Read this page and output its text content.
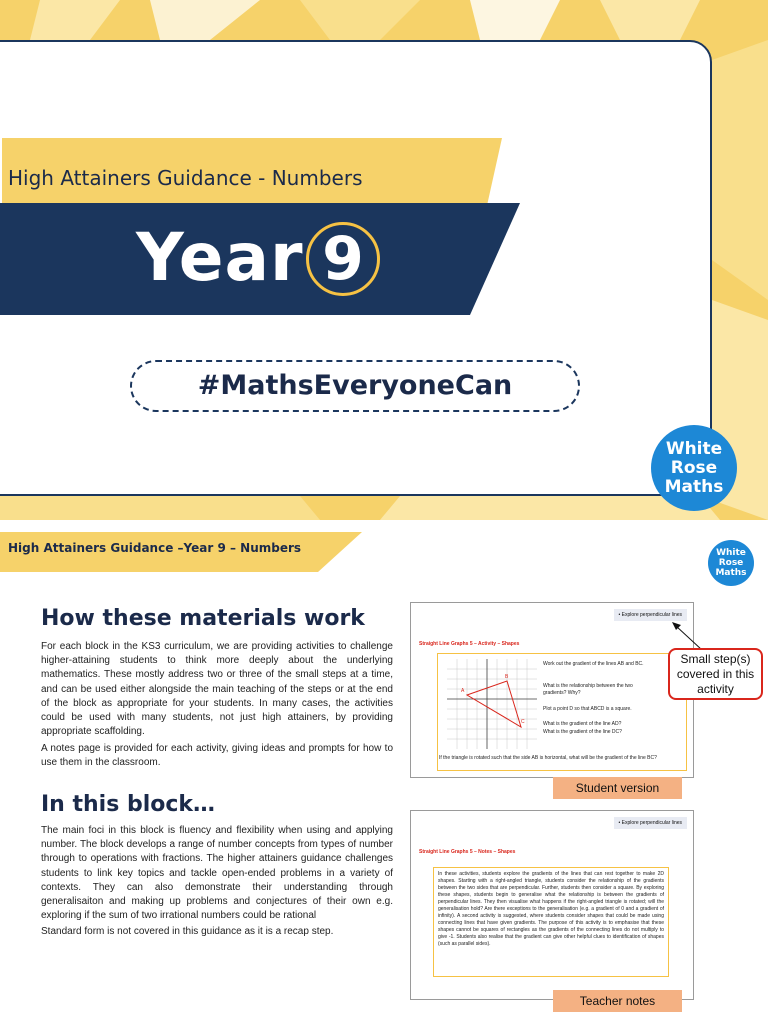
High Attainers Guidance - Numbers
Year 9
#MathsEveryoneCan
White
Rose
Maths
High Attainers Guidance –Year 9 – Numbers	White
Rose
Maths
How these materials work

For each block in the KS3 curriculum, we are providing activities to challenge higher-attaining students to think more deeply about the underlying mathematics. These mostly address two or three of the small steps at a time, and can be used either alongside the main teaching of the steps or at the end of the block as appropriate for your students. In many cases, the activities could be used with many students, not just high attainers, by providing appropriate scaffolding.

A notes page is provided for each activity, giving ideas and prompts for how to use them in the classroom.

In this block…

The main foci in this block is fluency and flexibility when using and applying number. The block develops a range of number concepts from types of number through to operations with fractions. The higher attainers guidance challenges students to link key topics and tackle open-ended problems in a variety of contexts. They can also demonstrate their understanding through generalisaiton and making up problems and conjectures of their own e.g. exploring if the sum of two irrational numbers could be rational

Standard form is not covered in this guidance as it is a recap step.

• Explore perpendicular lines
Straight Line Graphs 5 – Activity – Shapes
A
B
C
Work out the gradient of the lines AB and BC.
What is the relationship between the two gradients? Why?
Plot a point D so that ABCD is a square.
What is the gradient of the line AD?
What is the gradient of the line DC?
If the triangle is rotated such that the side AB is horizontal, what will be the gradient of the line BC?
Student version
• Explore perpendicular lines
Straight Line Graphs 5 – Notes – Shapes
In these activities, students explore the gradients of the lines that can rest together to make 2D shapes. Starting with a right-angled triangle, students consider the relationship of the gradients between the two sides that are perpendicular. Further, students then consider a square. By exploring these shapes, students begin to generalise what the relationship is between the gradients of perpendicular lines. They then visualise what happens if the right-angled triangle is rotated; will the generalisation hold? Are there exceptions to the generalisation (e.g. a gradient of 0 and a gradient of infinity). A second activity is suggested, where students consider shapes that could be made using connecting lines that have given gradients. The purpose of this activity is to emphasise that these shapes cannot be squares of rectangles as the gradients of the connecting lines do not multiply to give -1. Students also realise that the gradient can give other helpful clues to identification of shapes (such as parallel sides).
Teacher notes
Small step(s) covered in this activity
